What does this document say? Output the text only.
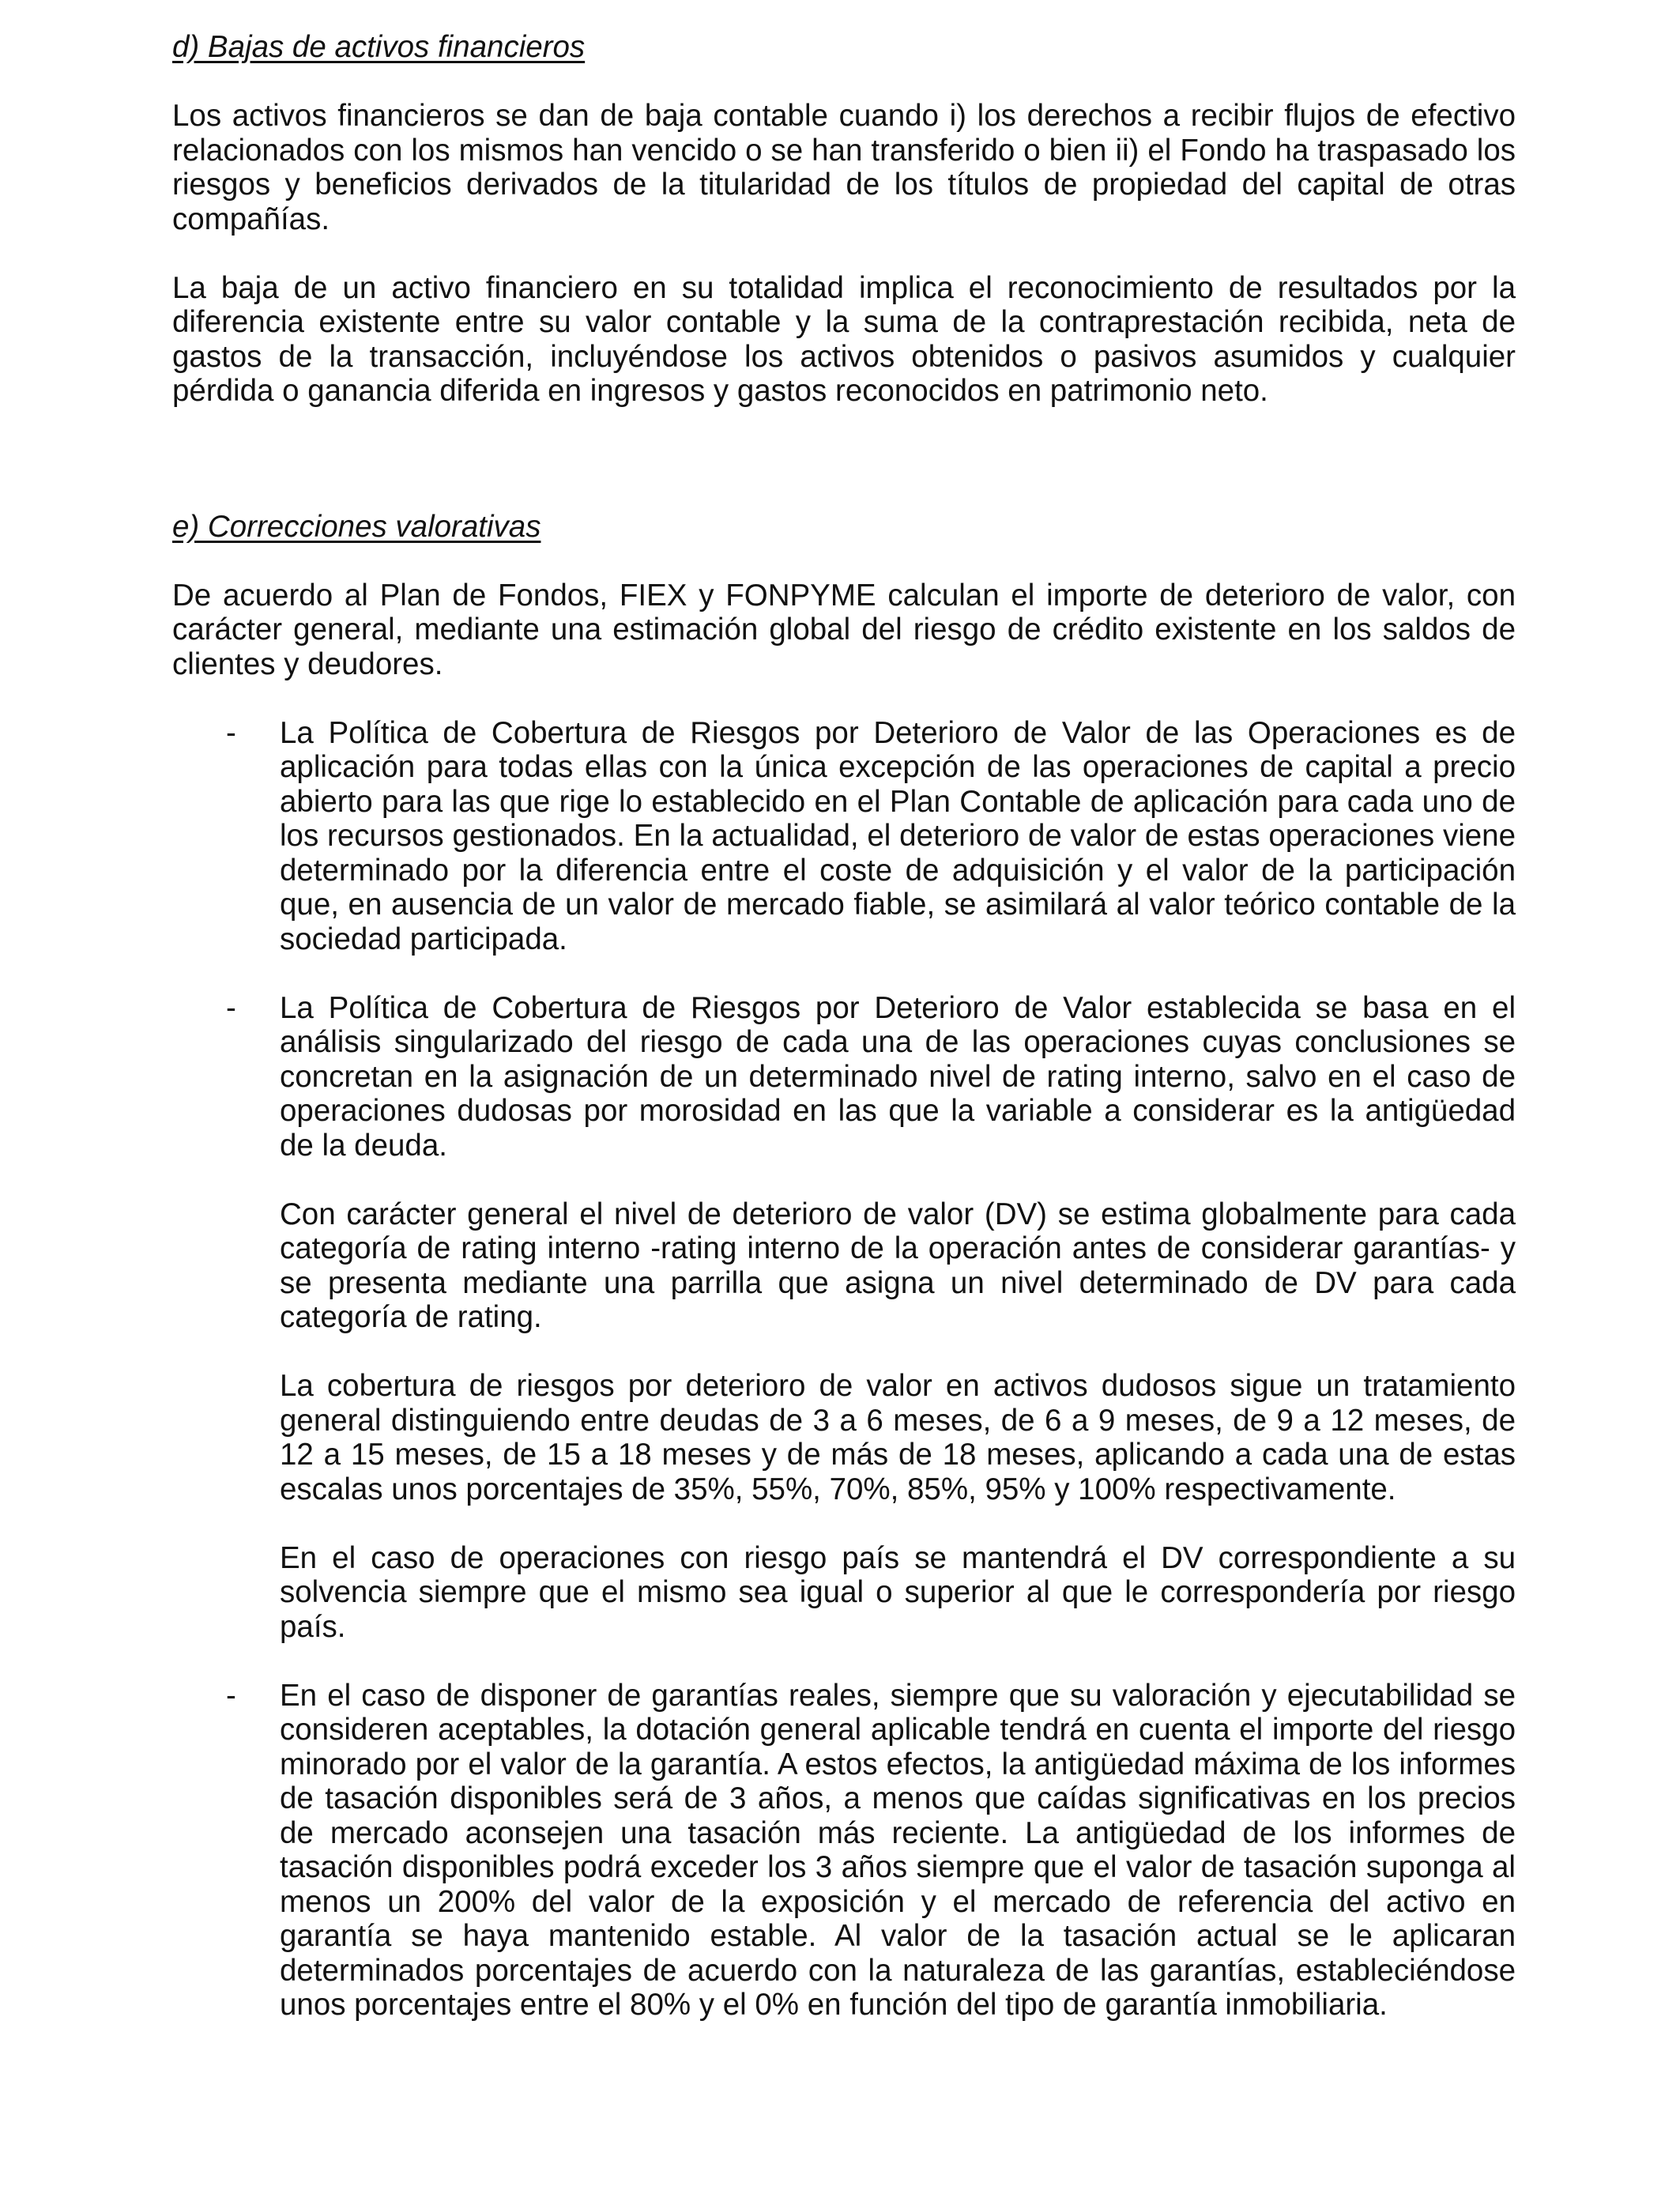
d) Bajas de activos financieros

Los activos financieros se dan de baja contable cuando i) los derechos a recibir flujos de efectivo relacionados con los mismos han vencido o se han transferido o bien ii) el Fondo ha traspasado los riesgos y beneficios derivados de la titularidad de los títulos de propiedad del capital de otras compañías.

La baja de un activo financiero en su totalidad implica el reconocimiento de resultados por la diferencia existente entre su valor contable y la suma de la contraprestación recibida, neta de gastos de la transacción, incluyéndose los activos obtenidos o pasivos asumidos y cualquier pérdida o ganancia diferida en ingresos y gastos reconocidos en patrimonio neto.

e) Correcciones valorativas

De acuerdo al Plan de Fondos, FIEX y FONPYME calculan el importe de deterioro de valor, con carácter general, mediante una estimación global del riesgo de crédito existente en los saldos de clientes y deudores.

- La Política de Cobertura de Riesgos por Deterioro de Valor de las Operaciones es de aplicación para todas ellas con la única excepción de las operaciones de capital a precio abierto para las que rige lo establecido en el Plan Contable de aplicación para cada uno de los recursos gestionados. En la actualidad, el deterioro de valor de estas operaciones viene determinado por la diferencia entre el coste de adquisición y el valor de la participación que, en ausencia de un valor de mercado fiable, se asimilará al valor teórico contable de la sociedad participada.

- La Política de Cobertura de Riesgos por Deterioro de Valor establecida se basa en el análisis singularizado del riesgo de cada una de las operaciones cuyas conclusiones se concretan en la asignación de un determinado nivel de rating interno, salvo en el caso de operaciones dudosas por morosidad en las que la variable a considerar es la antigüedad de la deuda.

Con carácter general el nivel de deterioro de valor (DV) se estima globalmente para cada categoría de rating interno -rating interno de la operación antes de considerar garantías- y se presenta mediante una parrilla que asigna un nivel determinado de DV para cada categoría de rating.

La cobertura de riesgos por deterioro de valor en activos dudosos sigue un tratamiento general distinguiendo entre deudas de 3 a 6 meses, de 6 a 9 meses, de 9 a 12 meses, de 12 a 15 meses, de 15 a 18 meses y de más de 18 meses, aplicando a cada una de estas escalas unos porcentajes de 35%, 55%, 70%, 85%, 95% y 100% respectivamente.

En el caso de operaciones con riesgo país se mantendrá el DV correspondiente a su solvencia siempre que el mismo sea igual o superior al que le correspondería por riesgo país.

- En el caso de disponer de garantías reales, siempre que su valoración y ejecutabilidad se consideren aceptables, la dotación general aplicable tendrá en cuenta el importe del riesgo minorado por el valor de la garantía. A estos efectos, la antigüedad máxima de los informes de tasación disponibles será de 3 años, a menos que caídas significativas en los precios de mercado aconsejen una tasación más reciente. La antigüedad de los informes de tasación disponibles podrá exceder los 3 años siempre que el valor de tasación suponga al menos un 200% del valor de la exposición y el mercado de referencia del activo en garantía se haya mantenido estable. Al valor de la tasación actual se le aplicaran determinados porcentajes de acuerdo con la naturaleza de las garantías, estableciéndose unos porcentajes entre el 80% y el 0% en función del tipo de garantía inmobiliaria.
